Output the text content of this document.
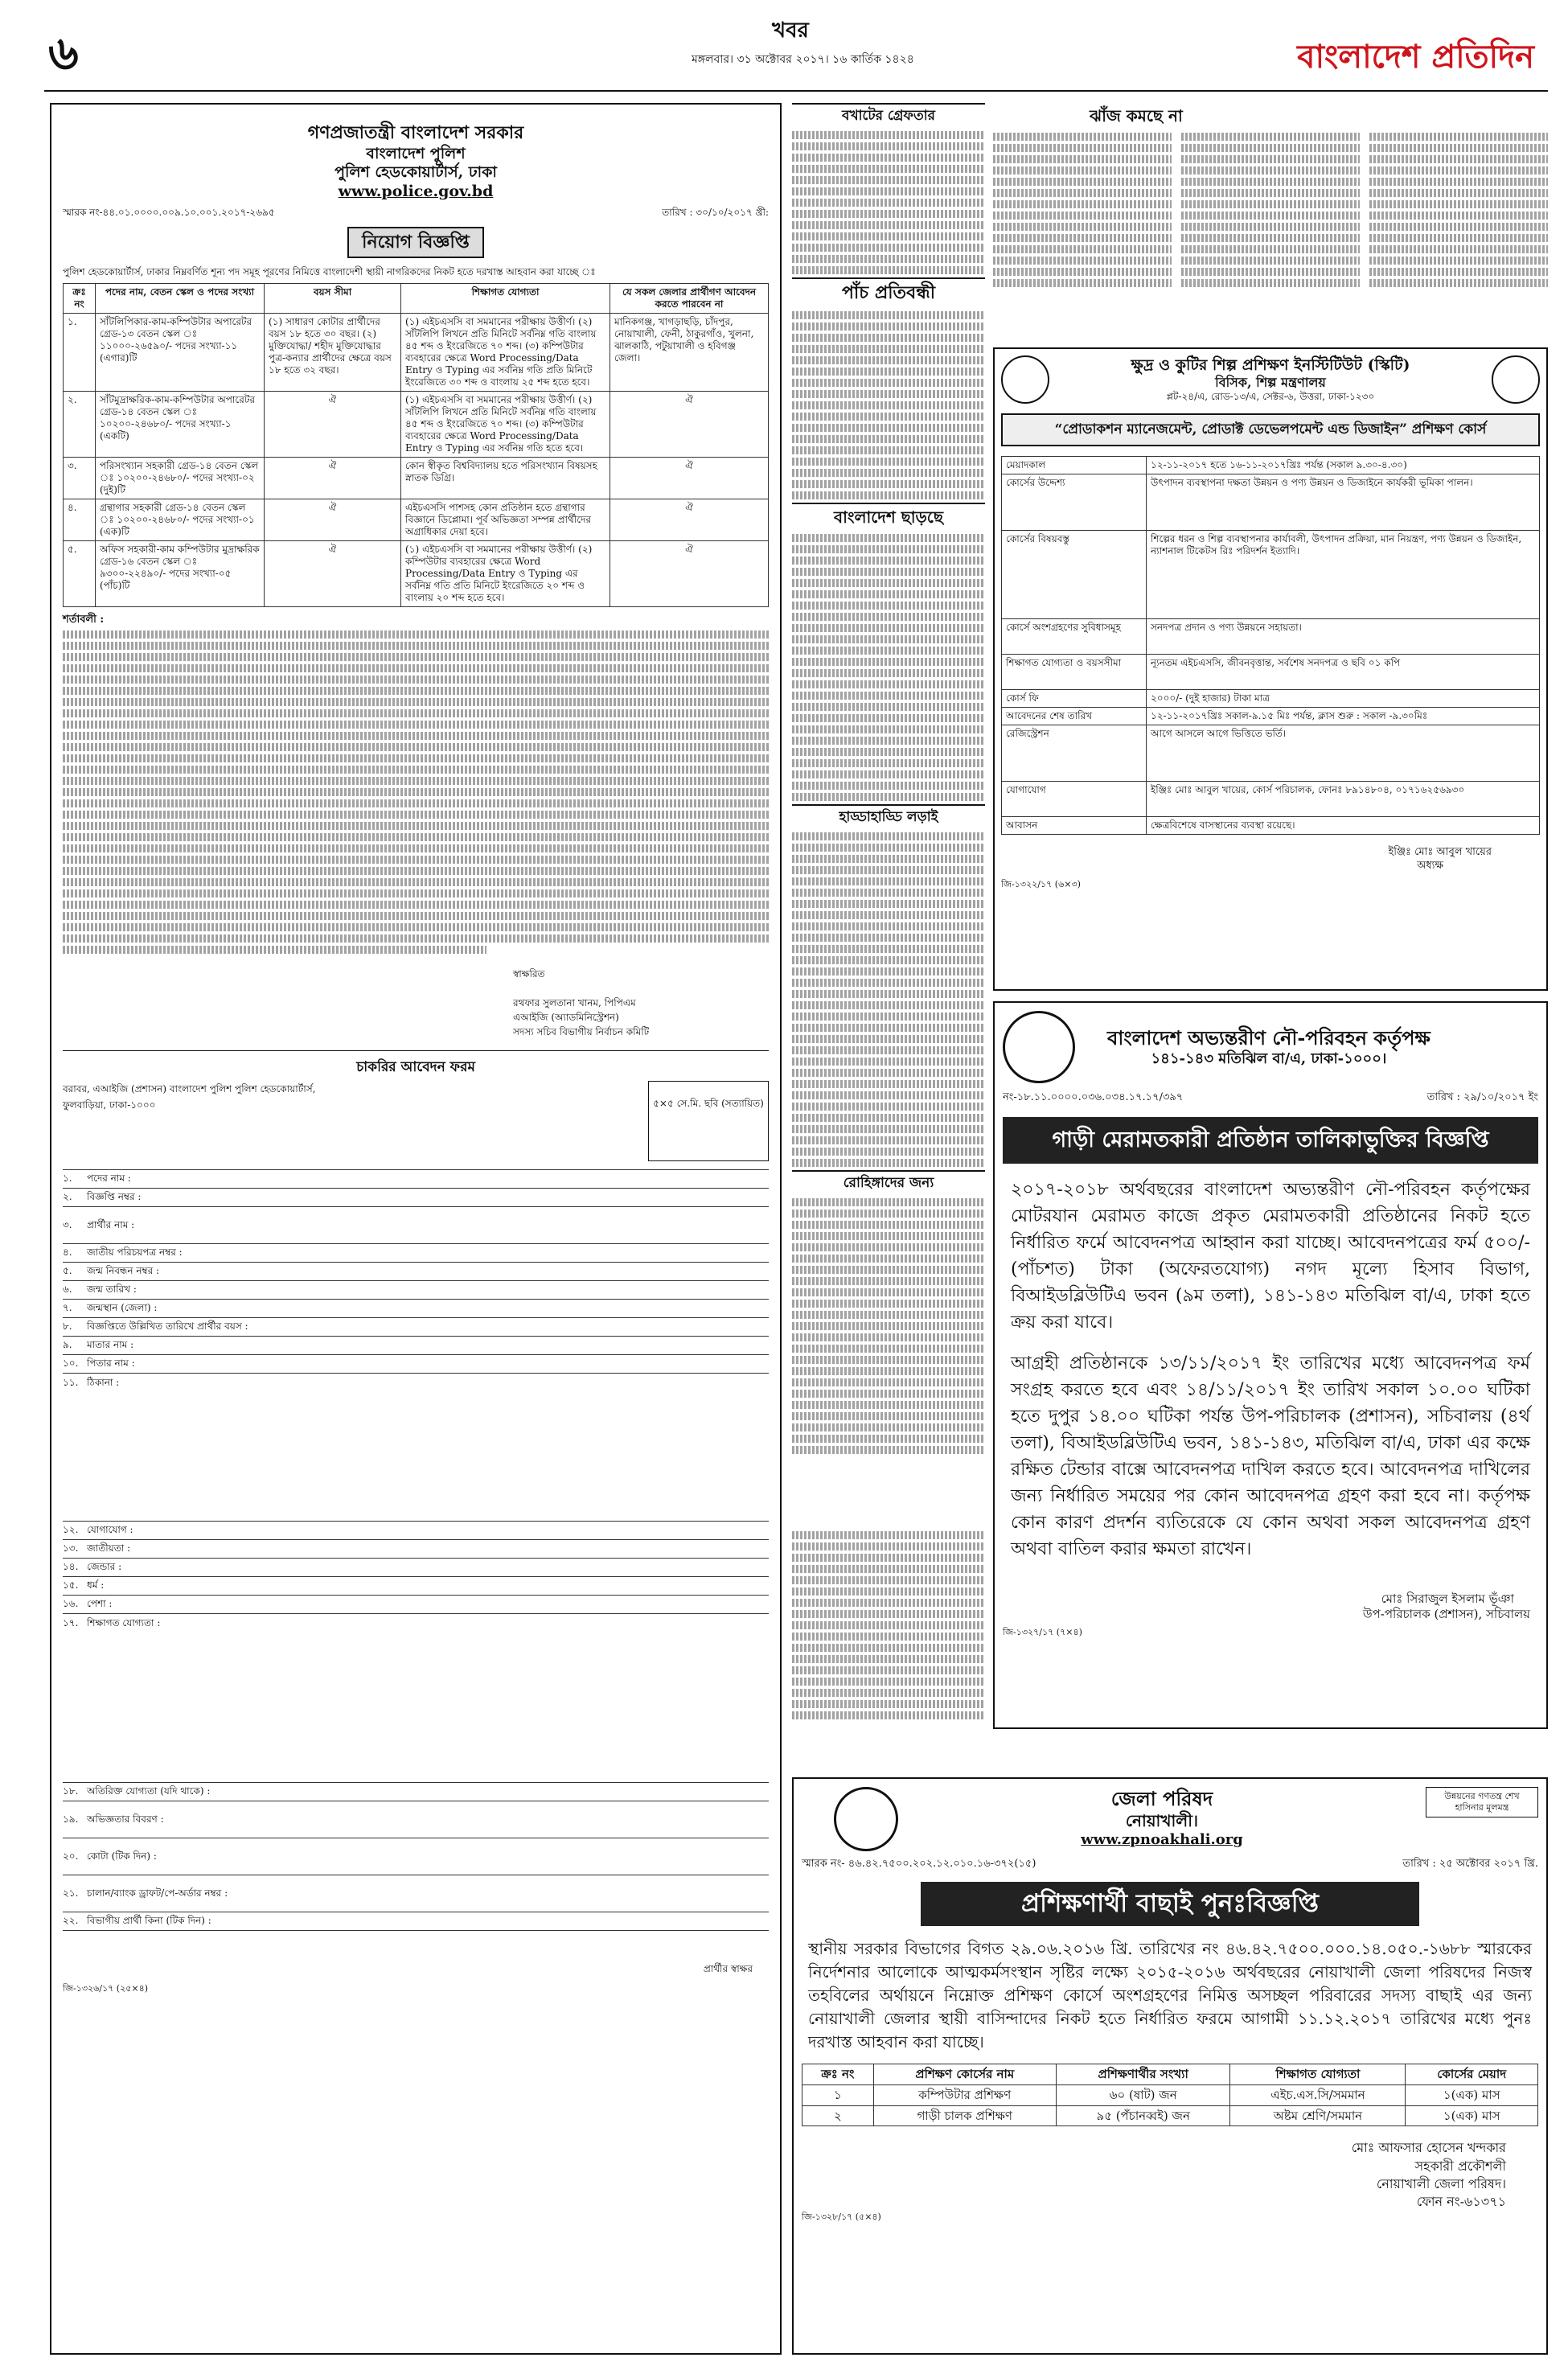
৬	খবর
মঙ্গলবার। ৩১ অক্টোবর ২০১৭। ১৬ কার্তিক ১৪২৪	বাংলাদেশ প্রতিদিন
গণপ্রজাতন্ত্রী বাংলাদেশ সরকার
বাংলাদেশ পুলিশ
পুলিশ হেডকোয়ার্টার্স, ঢাকা
www.police.gov.bd
স্মারক নং-৪৪.০১.০০০০.০০৯.১০.০০১.২০১৭-২৬৯৫	তারিখ : ৩০/১০/২০১৭ খ্রী:
নিয়োগ বিজ্ঞপ্তি
পুলিশ হেডকোয়ার্টার্স, ঢাকার নিম্নবর্ণিত শূন্য পদ সমূহ পূরণের নিমিত্তে বাংলাদেশী স্থায়ী নাগরিকদের নিকট হতে দরখাস্ত আহবান করা যাচ্ছে ঃ
ক্রঃ নং	পদের নাম, বেতন স্কেল ও পদের সংখ্যা	বয়স সীমা	শিক্ষাগত যোগ্যতা	যে সকল জেলার প্রার্থীগণ আবেদন করতে পারবেন না
১.	সাঁটলিপিকার-কাম-কম্পিউটার অপারেটর গ্রেড-১৩ বেতন স্কেল ঃ ১১০০০-২৬৫৯০/- পদের সংখ্যা-১১ (এগার)টি	(১) সাধারণ কোটার প্রার্থীদের বয়স ১৮ হতে ৩০ বছর। (২) মুক্তিযোদ্ধা/ শহীদ মুক্তিযোদ্ধার পুত্র-কন্যার প্রার্থীদের ক্ষেত্রে বয়স ১৮ হতে ৩২ বছর।	(১) এইচএসসি বা সমমানের পরীক্ষায় উত্তীর্ণ। (২) সাঁটলিপি লিখনে প্রতি মিনিটে সর্বনিম্ন গতি বাংলায় ৪৫ শব্দ ও ইংরেজিতে ৭০ শব্দ। (৩) কম্পিউটার ব্যবহারের ক্ষেত্রে Word Processing/Data Entry ও Typing এর সর্বনিম্ন গতি প্রতি মিনিটে ইংরেজিতে ৩০ শব্দ ও বাংলায় ২৫ শব্দ হতে হবে।	মানিকগঞ্জ, খাগড়াছড়ি, চাঁদপুর, নোয়াখালী, ফেনী, ঠাকুরগাঁও, খুলনা, ঝালকাঠি, পটুয়াখালী ও হবিগঞ্জ জেলা।
২.	সাঁটমুদ্রাক্ষরিক-কাম-কম্পিউটার অপারেটর গ্রেড-১৪ বেতন স্কেল ঃ ১০২০০-২৪৬৮০/- পদের সংখ্যা-১ (একটি)	ঐ	(১) এইচএসসি বা সমমানের পরীক্ষায় উত্তীর্ণ। (২) সাঁটলিপি লিখনে প্রতি মিনিটে সর্বনিম্ন গতি বাংলায় ৪৫ শব্দ ও ইংরেজিতে ৭০ শব্দ। (৩) কম্পিউটার ব্যবহারের ক্ষেত্রে Word Processing/Data Entry ও Typing এর সর্বনিম্ন গতি হতে হবে।	ঐ
৩.	পরিসংখ্যান সহকারী গ্রেড-১৪ বেতন স্কেল ঃ ১০২০০-২৪৬৮০/- পদের সংখ্যা-০২ (দুই)টি	ঐ	কোন স্বীকৃত বিশ্ববিদ্যালয় হতে পরিসংখ্যান বিষয়সহ স্নাতক ডিগ্রি।	ঐ
৪.	গ্রন্থাগার সহকারী গ্রেড-১৪ বেতন স্কেল ঃ ১০২০০-২৪৬৮০/- পদের সংখ্যা-০১ (এক)টি	ঐ	এইচএসসি পাশসহ কোন প্রতিষ্ঠান হতে গ্রন্থাগার বিজ্ঞানে ডিপ্লোমা। পূর্ব অভিজ্ঞতা সম্পন্ন প্রার্থীদের অগ্রাধিকার দেয়া হবে।	ঐ
৫.	অফিস সহকারী-কাম কম্পিউটার মুদ্রাক্ষরিক গ্রেড-১৬ বেতন স্কেল ঃ ৯৩০০-২২৪৯০/- পদের সংখ্যা-০৫ (পাঁচ)টি	ঐ	(১) এইচএসসি বা সমমানের পরীক্ষায় উত্তীর্ণ। (২) কম্পিউটার ব্যবহারের ক্ষেত্রে Word Processing/Data Entry ও Typing এর সর্বনিম্ন গতি প্রতি মিনিটে ইংরেজিতে ২০ শব্দ ও বাংলায় ২০ শব্দ হতে হবে।	ঐ
শর্তাবলী :
স্বাক্ষরিত
রথফার সুলতানা খানম, পিপিএম
এআইজি (অ্যাডমিনিস্ট্রেশন)
সদস্য সচিব বিভাগীয় নির্বাচন কমিটি
চাকরির আবেদন ফরম
বরাবর, এআইজি (প্রশাসন) বাংলাদেশ পুলিশ পুলিশ হেডকোয়ার্টার্স, ফুলবাড়িয়া, ঢাকা-১০০০	৫×৫ সে.মি. ছবি (সত্যায়িত)
১.	পদের নাম :
২.	বিজ্ঞপ্তি নম্বর :
৩.	প্রার্থীর নাম :
৪.	জাতীয় পরিচয়পত্র নম্বর :
৫.	জন্ম নিবন্ধন নম্বর :
৬.	জন্ম তারিখ :
৭.	জন্মস্থান (জেলা) :
৮.	বিজ্ঞপ্তিতে উল্লিখিত তারিখে প্রার্থীর বয়স :
৯.	মাতার নাম :
১০. পিতার নাম :
১১. ঠিকানা :
১২. যোগাযোগ :
১৩. জাতীয়তা :
১৪. জেন্ডার :
১৫. ধর্ম :
১৬. পেশা :
১৭. শিক্ষাগত যোগ্যতা :
১৮. অতিরিক্ত যোগ্যতা (যদি থাকে) :
১৯. অভিজ্ঞতার বিবরণ :
২০. কোটা (টিক দিন) :
২১. চালান/ব্যাংক ড্রাফট/পে-অর্ডার নম্বর :
২২. বিভাগীয় প্রার্থী কিনা (টিক দিন) :
প্রার্থীর স্বাক্ষর
জি-১৩২৬/১৭ (২৫×৪)
বখাটের গ্রেফতার
পাঁচ প্রতিবন্ধী
বাংলাদেশ ছাড়ছে
হাড্ডাহাড্ডি লড়াই
রোহিঙ্গাদের জন্য
ঝাঁজ কমছে না
ক্ষুদ্র ও কুটির শিল্প প্রশিক্ষণ ইনস্টিটিউট (স্কিটি)
বিসিক, শিল্প মন্ত্রণালয়
প্লট-২৪/এ, রোড-১৩/এ, সেক্টর-৬, উত্তরা, ঢাকা-১২৩০
“প্রোডাকশন ম্যানেজমেন্ট, প্রোডাক্ট ডেভেলপমেন্ট এন্ড ডিজাইন” প্রশিক্ষণ কোর্স
মেয়াদকাল	১২-১১-২০১৭ হতে ১৬-১১-২০১৭খ্রিঃ পর্যন্ত (সকাল ৯.৩০-৪.৩০)
কোর্সের উদ্দেশ্য	উৎপাদন ব্যবস্থাপনা দক্ষতা উন্নয়ন ও পণ্য উন্নয়ন ও ডিজাইনে কার্যকরী ভূমিকা পালন।
কোর্সের বিষয়বস্তু	শিল্পের ধরন ও শিল্প ব্যবস্থাপনার কার্যাবলী, উৎপাদন প্রক্রিয়া, মান নিয়ন্ত্রণ, পণ্য উন্নয়ন ও ডিজাইন, ন্যাশনাল টিকেটস রিঃ পরিদর্শন ইত্যাদি।
কোর্সে অংশগ্রহণের সুবিধাসমূহ	সনদপত্র প্রদান ও পণ্য উন্নয়নে সহায়তা।
শিক্ষাগত যোগ্যতা ও বয়সসীমা	ন্যূনতম এইচএসসি, জীবনবৃত্তান্ত, সর্বশেষ সনদপত্র ও ছবি ০১ কপি
কোর্স ফি	২০০০/- (দুই হাজার) টাকা মাত্র
আবেদনের শেষ তারিখ	১২-১১-২০১৭খ্রিঃ সকাল-৯.১৫ মিঃ পর্যন্ত, ক্লাস শুরু : সকাল -৯.৩০মিঃ
রেজিস্ট্রেশন	আগে আসলে আগে ভিত্তিতে ভর্তি।
যোগাযোগ	ইঞ্জিঃ মোঃ আবুল খায়ের, কোর্স পরিচালক, ফোনঃ ৮৯১৪৮০৪, ০১৭১৬২৫৬৯৩০
আবাসন	ক্ষেত্রবিশেষে বাসস্থানের ব্যবস্থা রয়েছে।
ইঞ্জিঃ মোঃ আবুল খায়ের
অধ্যক্ষ
জি-১৩২২/১৭ (৬×৩)
বাংলাদেশ অভ্যন্তরীণ নৌ-পরিবহন কর্তৃপক্ষ
১৪১-১৪৩ মতিঝিল বা/এ, ঢাকা-১০০০।
নং-১৮.১১.০০০০.০৩৬.০৩৪.১৭.১৭/৩৯৭	তারিখ : ২৯/১০/২০১৭ ইং
গাড়ী মেরামতকারী প্রতিষ্ঠান তালিকাভুক্তির বিজ্ঞপ্তি
২০১৭-২০১৮ অর্থবছরের বাংলাদেশ অভ্যন্তরীণ নৌ-পরিবহন কর্তৃপক্ষের মোটরযান মেরামত কাজে প্রকৃত মেরামতকারী প্রতিষ্ঠানের নিকট হতে নির্ধারিত ফর্মে আবেদনপত্র আহ্বান করা যাচ্ছে। আবেদনপত্রের ফর্ম ৫০০/- (পাঁচশত) টাকা (অফেরতযোগ্য) নগদ মূল্যে হিসাব বিভাগ, বিআইডব্লিউটিএ ভবন (৯ম তলা), ১৪১-১৪৩ মতিঝিল বা/এ, ঢাকা হতে ক্রয় করা যাবে।
আগ্রহী প্রতিষ্ঠানকে ১৩/১১/২০১৭ ইং তারিখের মধ্যে আবেদনপত্র ফর্ম সংগ্রহ করতে হবে এবং ১৪/১১/২০১৭ ইং তারিখ সকাল ১০.০০ ঘটিকা হতে দুপুর ১৪.০০ ঘটিকা পর্যন্ত উপ-পরিচালক (প্রশাসন), সচিবালয় (৪র্থ তলা), বিআইডব্লিউটিএ ভবন, ১৪১-১৪৩, মতিঝিল বা/এ, ঢাকা এর কক্ষে রক্ষিত টেন্ডার বাক্সে আবেদনপত্র দাখিল করতে হবে। আবেদনপত্র দাখিলের জন্য নির্ধারিত সময়ের পর কোন আবেদনপত্র গ্রহণ করা হবে না। কর্তৃপক্ষ কোন কারণ প্রদর্শন ব্যতিরেকে যে কোন অথবা সকল আবেদনপত্র গ্রহণ অথবা বাতিল করার ক্ষমতা রাখেন।
মোঃ সিরাজুল ইসলাম ভূঁঞা
উপ-পরিচালক (প্রশাসন), সচিবালয়
জি-১৩২৭/১৭ (৭×৪)
জেলা পরিষদ
নোয়াখালী।
www.zpnoakhali.org
উন্নয়নের গণতন্ত্র শেখ হাসিনার মূলমন্ত্র
স্মারক নং- ৪৬.৪২.৭৫০০.২০২.১২.০১০.১৬-৩৭২(১৫)	তারিখ : ২৫ অক্টোবর ২০১৭ খ্রি.
প্রশিক্ষণার্থী বাছাই পুনঃবিজ্ঞপ্তি
স্থানীয় সরকার বিভাগের বিগত ২৯.০৬.২০১৬ খ্রি. তারিখের নং ৪৬.৪২.৭৫০০.০০০.১৪.০৫০.-১৬৮৮ স্মারকের নির্দেশনার আলোকে আত্মকর্মসংস্থান সৃষ্টির লক্ষ্যে ২০১৫-২০১৬ অর্থবছরের নোয়াখালী জেলা পরিষদের নিজস্ব তহবিলের অর্থায়নে নিম্নোক্ত প্রশিক্ষণ কোর্সে অংশগ্রহণের নিমিত্ত অসচ্ছল পরিবারের সদস্য বাছাই এর জন্য নোয়াখালী জেলার স্থায়ী বাসিন্দাদের নিকট হতে নির্ধারিত ফরমে আগামী ১১.১২.২০১৭ তারিখের মধ্যে পুনঃ দরখাস্ত আহবান করা যাচ্ছে।
ক্রঃ নং	প্রশিক্ষণ কোর্সের নাম	প্রশিক্ষণার্থীর সংখ্যা	শিক্ষাগত যোগ্যতা	কোর্সের মেয়াদ
১	কম্পিউটার প্রশিক্ষণ	৬০ (ষাট) জন	এইচ.এস.সি/সমমান	১(এক) মাস
২	গাড়ী চালক প্রশিক্ষণ	৯৫ (পঁচানব্বই) জন	অষ্টম শ্রেণি/সমমান	১(এক) মাস
মোঃ আফসার হোসেন খন্দকার
সহকারী প্রকৌশলী
নোয়াখালী জেলা পরিষদ।
ফোন নং-৬১৩৭১
জি-১৩২৮/১৭ (৫×৪)
